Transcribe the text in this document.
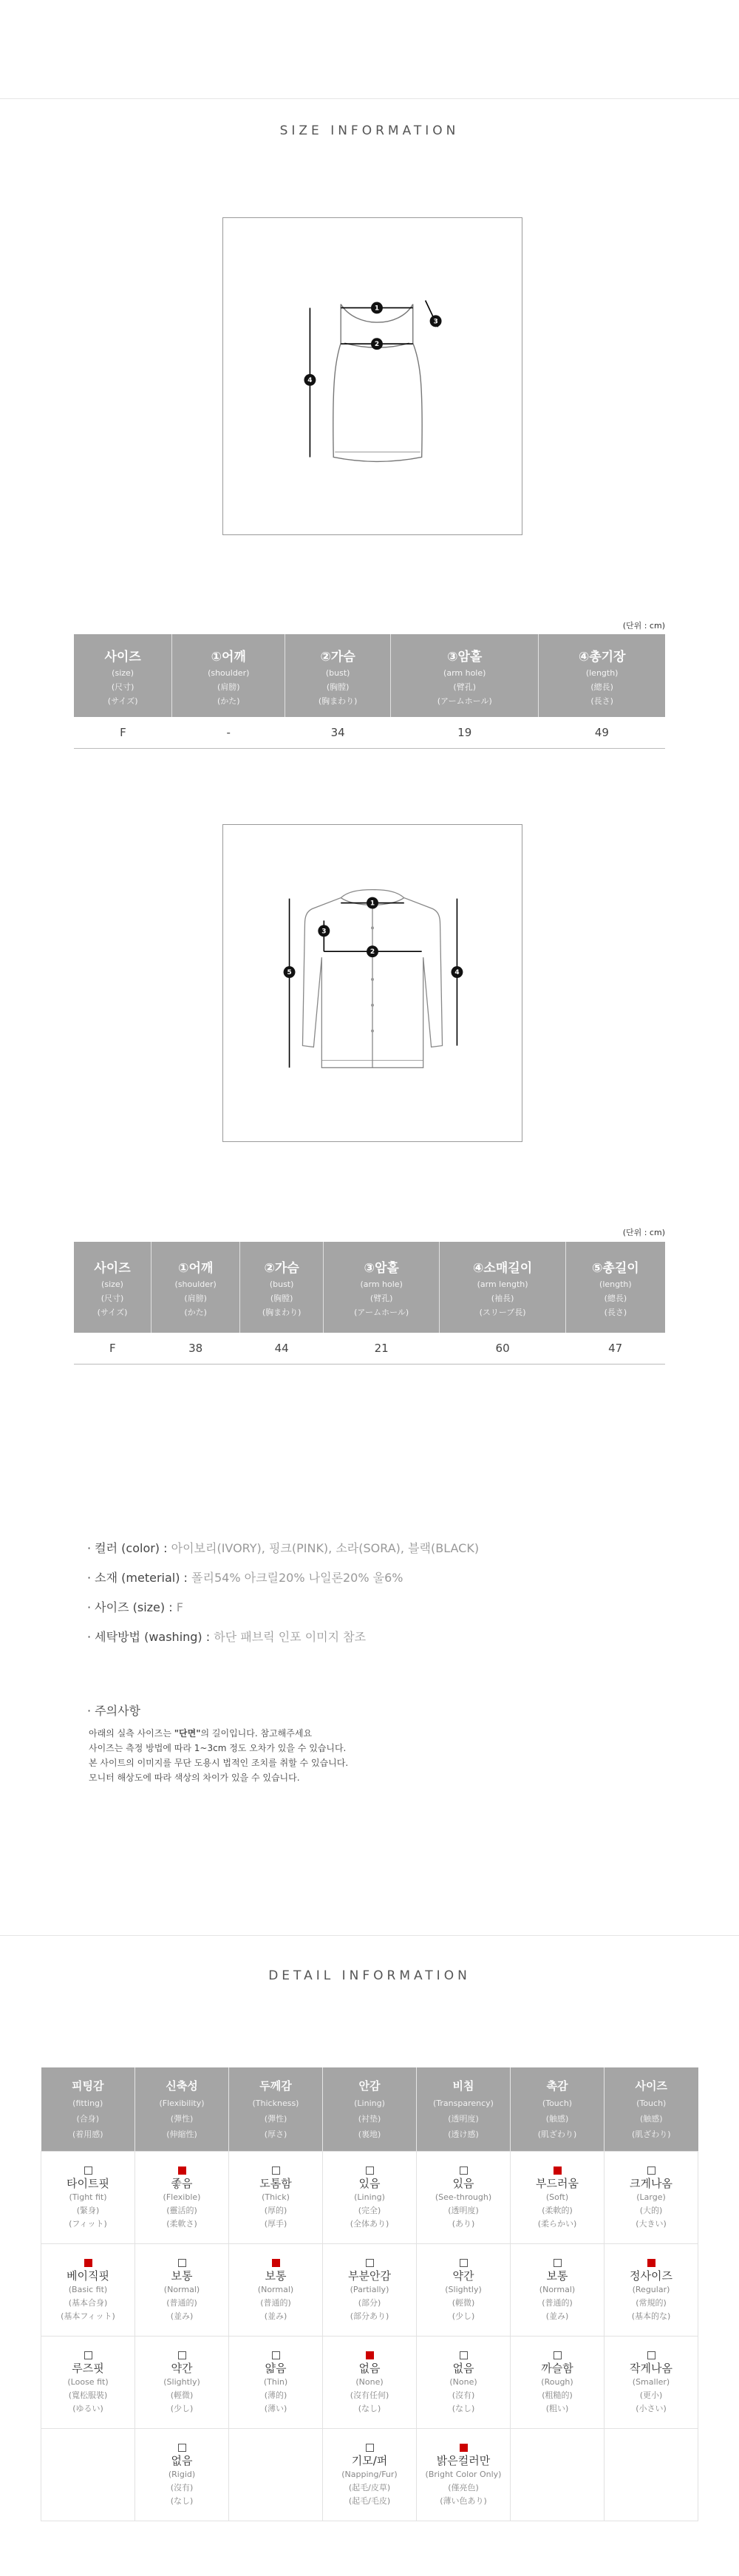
SIZE INFORMATION
1
2
3
4
(단위 : cm)
사이즈
(size)
(尺寸)
(サイズ)	①어깨
(shoulder)
(肩膀)
(かた)	②가슴
(bust)
(胸膛)
(胸まわり)	③암홀
(arm hole)
(臂孔)
(アームホール)	④총기장
(length)
(總長)
(長さ)

F	-	34	19	49
1
2
3
4
5
(단위 : cm)
사이즈
(size)
(尺寸)
(サイズ)	①어깨
(shoulder)
(肩膀)
(かた)	②가슴
(bust)
(胸膛)
(胸まわり)	③암홀
(arm hole)
(臂孔)
(アームホール)	④소매길이
(arm length)
(袖長)
(スリーブ長)	⑤총길이
(length)
(總長)
(長さ)

F	38	44	21	60	47
· 컬러 (color) : 아이보리(IVORY), 핑크(PINK), 소라(SORA), 블랙(BLACK)
· 소재 (meterial) : 폴리54% 아크릴20% 나일론20% 울6%
· 사이즈 (size) : F
· 세탁방법 (washing) : 하단 패브릭 인포 이미지 참조
· 주의사항

아래의 실측 사이즈는 "단면"의 길이입니다. 참고해주세요

사이즈는 측정 방법에 따라 1~3cm 정도 오차가 있을 수 있습니다.

본 사이트의 이미지를 무단 도용시 법적인 조치를 취할 수 있습니다.

모니터 해상도에 따라 색상의 차이가 있을 수 있습니다.

DETAIL INFORMATION
피팅감
(fitting)
(合身)
(着用感)	신축성
(Flexibility)
(彈性)
(伸縮性)	두께감
(Thickness)
(彈性)
(厚さ)	안감
(Lining)
(衬垫)
(裏地)	비침
(Transparency)
(透明度)
(透け感)	촉감
(Touch)
(触感)
(肌ざわり)	사이즈
(Touch)
(触感)
(肌ざわり)

타이트핏
(Tight fit)
(緊身)
(フィット)	좋음
(Flexible)
(靈活的)
(柔軟さ)	도톰함
(Thick)
(厚的)
(厚手)	있음
(Lining)
(完全)
(全体あり)	있음
(See-through)
(透明度)
(あり)	부드러움
(Soft)
(柔軟的)
(柔らかい)	크게나옴
(Large)
(大的)
(大きい)

베이직핏
(Basic fit)
(基本合身)
(基本フィット)	보통
(Normal)
(普通的)
(並み)	보통
(Normal)
(普通的)
(並み)	부분안감
(Partially)
(部分)
(部分あり)	약간
(Slightly)
(輕微)
(少し)	보통
(Normal)
(普通的)
(並み)	정사이즈
(Regular)
(常規的)
(基本的な)

루즈핏
(Loose fit)
(寬松服裝)
(ゆるい)	약간
(Slightly)
(輕微)
(少し)	얇음
(Thin)
(薄的)
(薄い)	없음
(None)
(沒有任何)
(なし)	없음
(None)
(沒有)
(なし)	까슬함
(Rough)
(粗糙的)
(粗い)	작게나옴
(Smaller)
(更小)
(小さい)

	없음
(Rigid)
(沒有)
(なし)		기모/퍼
(Napping/Fur)
(起毛/皮草)
(起毛/毛皮)	밝은컬러만
(Bright Color Only)
(僅亮色)
(薄い色あり)		
